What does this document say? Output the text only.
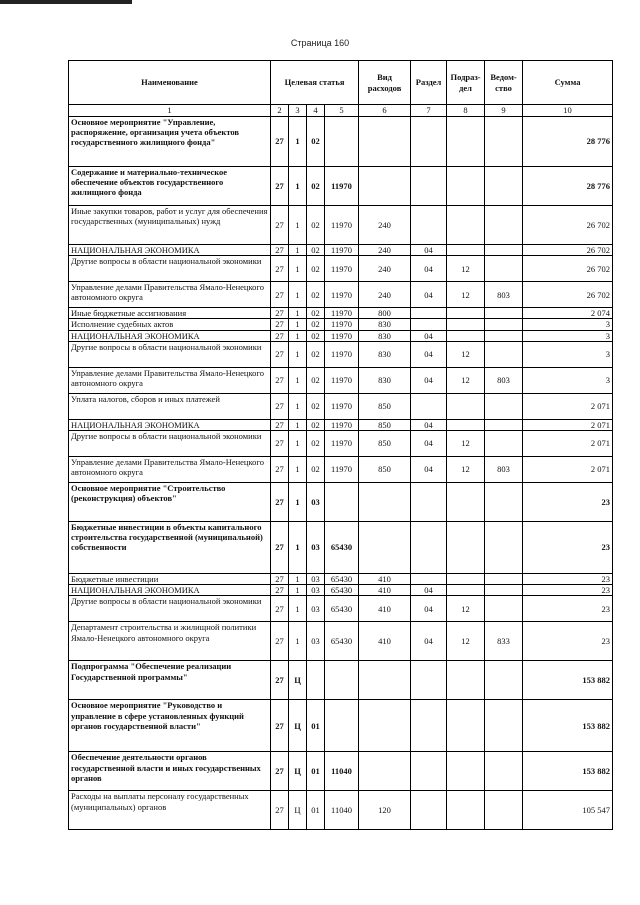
Страница 160
Наименование	Целевая статья				Вид расходов	Раздел	Подраз-дел	Ведом-ство	Сумма
1	2	3	4	5	6	7	8	9	10
Основное мероприятие "Управление, распоряжение, организация учета объектов государственного жилищного фонда"	27	1	02						28 776
Содержание и материально-техническое обеспечение объектов государственного жилищного фонда	27	1	02	11970					28 776
Иные закупки товаров, работ и услуг для обеспечения государственных (муниципальных) нужд	27	1	02	11970	240				26 702
НАЦИОНАЛЬНАЯ ЭКОНОМИКА	27	1	02	11970	240	04			26 702
Другие вопросы в области национальной экономики	27	1	02	11970	240	04	12		26 702
Управление делами Правительства Ямало-Ненецкого автономного округа	27	1	02	11970	240	04	12	803	26 702
Иные бюджетные ассигнования	27	1	02	11970	800				2 074
Исполнение судебных актов	27	1	02	11970	830				3
НАЦИОНАЛЬНАЯ ЭКОНОМИКА	27	1	02	11970	830	04			3
Другие вопросы в области национальной экономики	27	1	02	11970	830	04	12		3
Управление делами Правительства Ямало-Ненецкого автономного округа	27	1	02	11970	830	04	12	803	3
Уплата налогов, сборов и иных платежей	27	1	02	11970	850				2 071
НАЦИОНАЛЬНАЯ ЭКОНОМИКА	27	1	02	11970	850	04			2 071
Другие вопросы в области национальной экономики	27	1	02	11970	850	04	12		2 071
Управление делами Правительства Ямало-Ненецкого автономного округа	27	1	02	11970	850	04	12	803	2 071
Основное мероприятие "Строительство (реконструкция) объектов"	27	1	03						23
Бюджетные инвестиции в объекты капитального строительства государственной (муниципальной) собственности	27	1	03	65430					23
Бюджетные инвестиции	27	1	03	65430	410				23
НАЦИОНАЛЬНАЯ ЭКОНОМИКА	27	1	03	65430	410	04			23
Другие вопросы в области национальной экономики	27	1	03	65430	410	04	12		23
Департамент строительства и жилищной политики Ямало-Ненецкого автономного округа	27	1	03	65430	410	04	12	833	23
Подпрограмма "Обеспечение реализации Государственной программы"	27	Ц							153 882
Основное мероприятие "Руководство и управление в сфере установленных функций органов государственной власти"	27	Ц	01						153 882
Обеспечение деятельности органов государственной власти и иных государственных органов	27	Ц	01	11040					153 882
Расходы на выплаты персоналу государственных (муниципальных) органов	27	Ц	01	11040	120				105 547
